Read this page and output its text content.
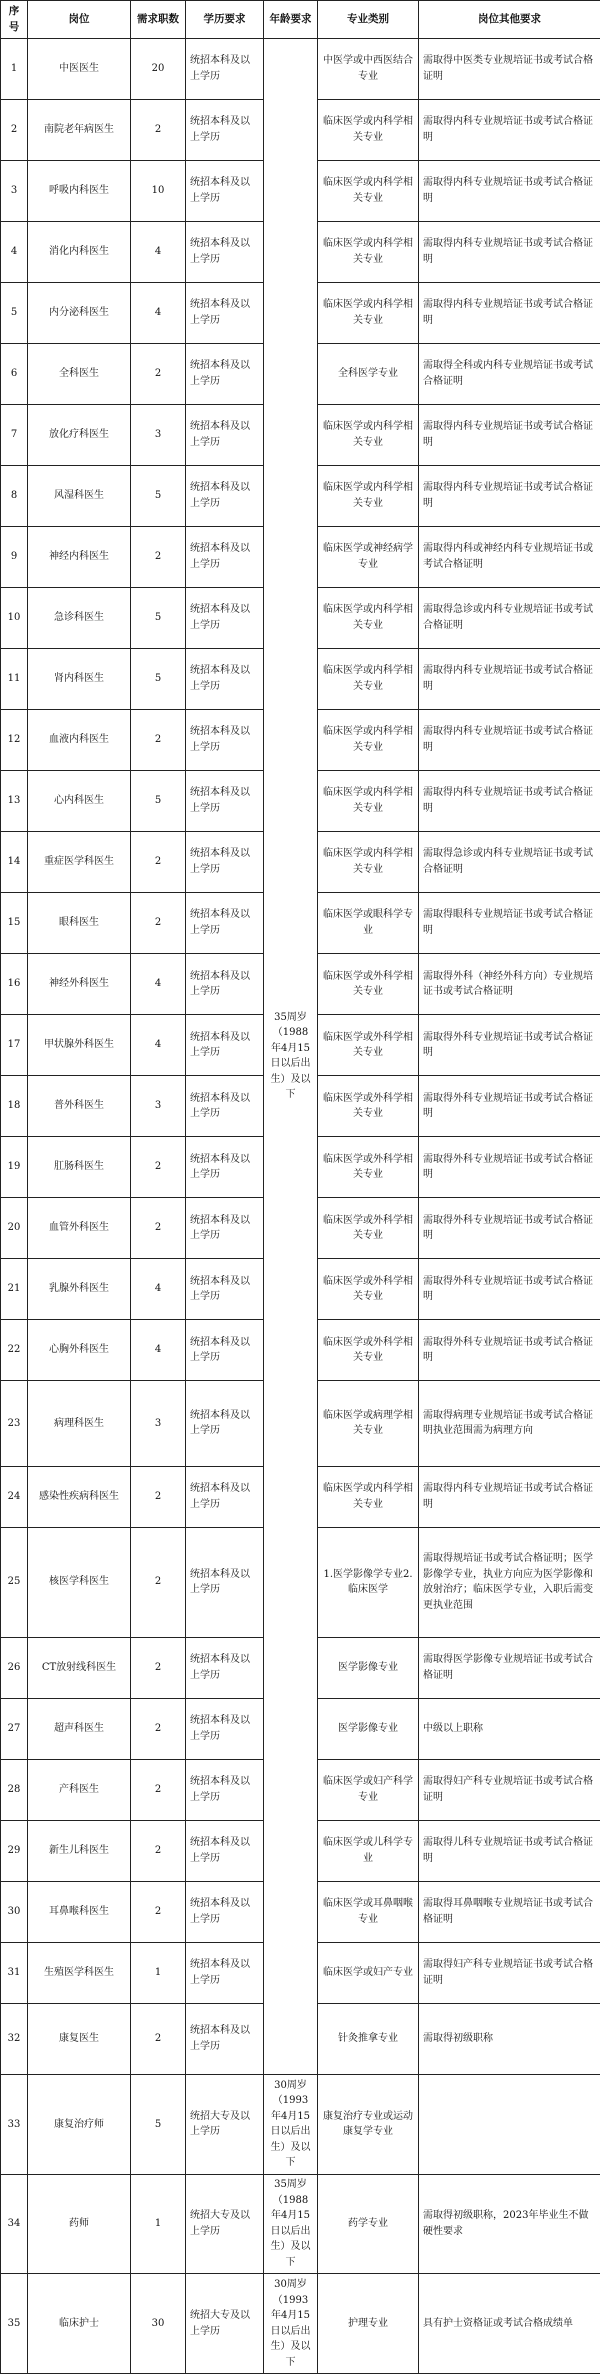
序号	岗位	需求职数	学历要求	年龄要求	专业类别	岗位其他要求
1	中医医生	20	统招本科及以上学历	35周岁（1988年4月15日以后出生）及以下	中医学或中西医结合专业	需取得中医类专业规培证书或考试合格证明
2	南院老年病医生	2	统招本科及以上学历		临床医学或内科学相关专业	需取得内科专业规培证书或考试合格证明
3	呼吸内科医生	10	统招本科及以上学历		临床医学或内科学相关专业	需取得内科专业规培证书或考试合格证明
4	消化内科医生	4	统招本科及以上学历		临床医学或内科学相关专业	需取得内科专业规培证书或考试合格证明
5	内分泌科医生	4	统招本科及以上学历		临床医学或内科学相关专业	需取得内科专业规培证书或考试合格证明
6	全科医生	2	统招本科及以上学历		全科医学专业	需取得全科或内科专业规培证书或考试合格证明
7	放化疗科医生	3	统招本科及以上学历		临床医学或内科学相关专业	需取得内科专业规培证书或考试合格证明
8	风湿科医生	5	统招本科及以上学历		临床医学或内科学相关专业	需取得内科专业规培证书或考试合格证明
9	神经内科医生	2	统招本科及以上学历		临床医学或神经病学专业	需取得内科或神经内科专业规培证书或考试合格证明
10	急诊科医生	5	统招本科及以上学历		临床医学或内科学相关专业	需取得急诊或内科专业规培证书或考试合格证明
11	肾内科医生	5	统招本科及以上学历		临床医学或内科学相关专业	需取得内科专业规培证书或考试合格证明
12	血液内科医生	2	统招本科及以上学历		临床医学或内科学相关专业	需取得内科专业规培证书或考试合格证明
13	心内科医生	5	统招本科及以上学历		临床医学或内科学相关专业	需取得内科专业规培证书或考试合格证明
14	重症医学科医生	2	统招本科及以上学历		临床医学或内科学相关专业	需取得急诊或内科专业规培证书或考试合格证明
15	眼科医生	2	统招本科及以上学历		临床医学或眼科学专业	需取得眼科专业规培证书或考试合格证明
16	神经外科医生	4	统招本科及以上学历		临床医学或外科学相关专业	需取得外科（神经外科方向）专业规培证书或考试合格证明
17	甲状腺外科医生	4	统招本科及以上学历		临床医学或外科学相关专业	需取得外科专业规培证书或考试合格证明
18	普外科医生	3	统招本科及以上学历		临床医学或外科学相关专业	需取得外科专业规培证书或考试合格证明
19	肛肠科医生	2	统招本科及以上学历		临床医学或外科学相关专业	需取得外科专业规培证书或考试合格证明
20	血管外科医生	2	统招本科及以上学历		临床医学或外科学相关专业	需取得外科专业规培证书或考试合格证明
21	乳腺外科医生	4	统招本科及以上学历		临床医学或外科学相关专业	需取得外科专业规培证书或考试合格证明
22	心胸外科医生	4	统招本科及以上学历		临床医学或外科学相关专业	需取得外科专业规培证书或考试合格证明
23	病理科医生	3	统招本科及以上学历		临床医学或病理学相关专业	需取得病理专业规培证书或考试合格证明执业范围需为病理方向
24	感染性疾病科医生	2	统招本科及以上学历		临床医学或内科学相关专业	需取得内科专业规培证书或考试合格证明
25	核医学科医生	2	统招本科及以上学历		1.医学影像学专业2.临床医学	需取得规培证书或考试合格证明；医学影像学专业，执业方向应为医学影像和放射治疗；临床医学专业，入职后需变更执业范围
26	CT放射线科医生	2	统招本科及以上学历		医学影像专业	需取得医学影像专业规培证书或考试合格证明
27	超声科医生	2	统招本科及以上学历		医学影像专业	中级以上职称
28	产科医生	2	统招本科及以上学历		临床医学或妇产科学专业	需取得妇产科专业规培证书或考试合格证明
29	新生儿科医生	2	统招本科及以上学历		临床医学或儿科学专业	需取得儿科专业规培证书或考试合格证明
30	耳鼻喉科医生	2	统招本科及以上学历		临床医学或耳鼻咽喉专业	需取得耳鼻咽喉专业规培证书或考试合格证明
31	生殖医学科医生	1	统招本科及以上学历		临床医学或妇产专业	需取得妇产科专业规培证书或考试合格证明
32	康复医生	2	统招本科及以上学历		针灸推拿专业	需取得初级职称
33	康复治疗师	5	统招大专及以上学历	30周岁（1993年4月15日以后出生）及以下	康复治疗专业或运动康复学专业	
34	药师	1	统招大专及以上学历	35周岁（1988年4月15日以后出生）及以下	药学专业	需取得初级职称，2023年毕业生不做硬性要求
35	临床护士	30	统招大专及以上学历	30周岁（1993年4月15日以后出生）及以下	护理专业	具有护士资格证或考试合格成绩单
